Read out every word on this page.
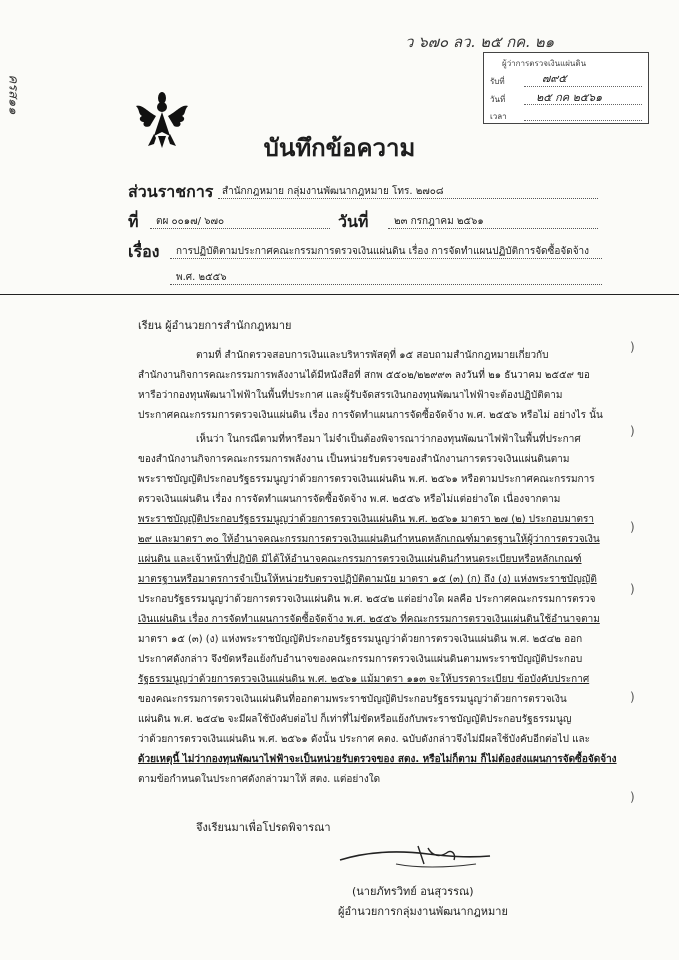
ว ๖๗๐ ลว. ๒๕ กค. ๒๑
ครส๑๑
ผู้ว่าการตรวจเงินแผ่นดิน
รับที่	๗๙๕
วันที่	๒๕ กค ๒๕๖๑
เวลา
บันทึกข้อความ
ส่วนราชการ สำนักกฎหมาย กลุ่มงานพัฒนากฎหมาย โทร. ๒๗๐๘
ที่ ตผ ๐๐๑๗/ ๖๗๐	วันที่	๒๓ กรกฎาคม ๒๕๖๑
เรื่อง การปฏิบัติตามประกาศคณะกรรมการตรวจเงินแผ่นดิน เรื่อง การจัดทำแผนปฏิบัติการจัดซื้อจัดจ้าง
พ.ศ. ๒๕๕๖
เรียน ผู้อำนวยการสำนักกฎหมาย
ตามที่ สำนักตรวจสอบการเงินและบริหารพัสดุที่ ๑๕ สอบถามสำนักกฎหมายเกี่ยวกับ
สำนักงานกิจการคณะกรรมการพลังงานได้มีหนังสือที่ สกพ ๕๕๐๒/๒๒๙๙๓ ลงวันที่ ๒๑ ธันวาคม ๒๕๕๙ ขอ
หารือว่ากองทุนพัฒนาไฟฟ้าในพื้นที่ประกาศ และผู้รับจัดสรรเงินกองทุนพัฒนาไฟฟ้าจะต้องปฏิบัติตาม
ประกาศคณะกรรมการตรวจเงินแผ่นดิน เรื่อง การจัดทำแผนการจัดซื้อจัดจ้าง พ.ศ. ๒๕๕๖ หรือไม่ อย่างไร นั้น
เห็นว่า ในกรณีตามที่หารือมา ไม่จำเป็นต้องพิจารณาว่ากองทุนพัฒนาไฟฟ้าในพื้นที่ประกาศ
ของสำนักงานกิจการคณะกรรมการพลังงาน เป็นหน่วยรับตรวจของสำนักงานการตรวจเงินแผ่นดินตาม
พระราชบัญญัติประกอบรัฐธรรมนูญว่าด้วยการตรวจเงินแผ่นดิน พ.ศ. ๒๕๖๑ หรือตามประกาศคณะกรรมการ
ตรวจเงินแผ่นดิน เรื่อง การจัดทำแผนการจัดซื้อจัดจ้าง พ.ศ. ๒๕๕๖ หรือไม่แต่อย่างใด เนื่องจากตาม
พระราชบัญญัติประกอบรัฐธรรมนูญว่าด้วยการตรวจเงินแผ่นดิน พ.ศ. ๒๕๖๑ มาตรา ๒๗ (๒) ประกอบมาตรา
๒๙ และมาตรา ๓๐ ให้อำนาจคณะกรรมการตรวจเงินแผ่นดินกำหนดหลักเกณฑ์มาตรฐานให้ผู้ว่าการตรวจเงิน
แผ่นดิน และเจ้าหน้าที่ปฏิบัติ มิได้ให้อำนาจคณะกรรมการตรวจเงินแผ่นดินกำหนดระเบียบหรือหลักเกณฑ์
มาตรฐานหรือมาตรการจำเป็นให้หน่วยรับตรวจปฏิบัติตามนัย มาตรา ๑๕ (๓) (ก) ถึง (ง) แห่งพระราชบัญญัติ
ประกอบรัฐธรรมนูญว่าด้วยการตรวจเงินแผ่นดิน พ.ศ. ๒๕๔๒ แต่อย่างใด ผลคือ ประกาศคณะกรรมการตรวจ
เงินแผ่นดิน เรื่อง การจัดทำแผนการจัดซื้อจัดจ้าง พ.ศ. ๒๕๕๖ ที่คณะกรรมการตรวจเงินแผ่นดินใช้อำนาจตาม
มาตรา ๑๕ (๓) (ง) แห่งพระราชบัญญัติประกอบรัฐธรรมนูญว่าด้วยการตรวจเงินแผ่นดิน พ.ศ. ๒๕๔๒ ออก
ประกาศดังกล่าว จึงขัดหรือแย้งกับอำนาจของคณะกรรมการตรวจเงินแผ่นดินตามพระราชบัญญัติประกอบ
รัฐธรรมนูญว่าด้วยการตรวจเงินแผ่นดิน พ.ศ. ๒๕๖๑ แม้มาตรา ๑๑๓ จะให้บรรดาระเบียบ ข้อบังคับประกาศ
ของคณะกรรมการตรวจเงินแผ่นดินที่ออกตามพระราชบัญญัติประกอบรัฐธรรมนูญว่าด้วยการตรวจเงิน
แผ่นดิน พ.ศ. ๒๕๔๒ จะมีผลใช้บังคับต่อไป ก็เท่าที่ไม่ขัดหรือแย้งกับพระราชบัญญัติประกอบรัฐธรรมนูญ
ว่าด้วยการตรวจเงินแผ่นดิน พ.ศ. ๒๕๖๑ ดังนั้น ประกาศ คตง. ฉบับดังกล่าวจึงไม่มีผลใช้บังคับอีกต่อไป และ
ด้วยเหตุนี้ ไม่ว่ากองทุนพัฒนาไฟฟ้าจะเป็นหน่วยรับตรวจของ สตง. หรือไม่ก็ตาม ก็ไม่ต้องส่งแผนการจัดซื้อจัดจ้าง
ตามข้อกำหนดในประกาศดังกล่าวมาให้ สตง. แต่อย่างใด
)
)
)
)
)
)
จึงเรียนมาเพื่อโปรดพิจารณา
(นายภัทรวิทย์ อนสุวรรณ)
ผู้อำนวยการกลุ่มงานพัฒนากฎหมาย
